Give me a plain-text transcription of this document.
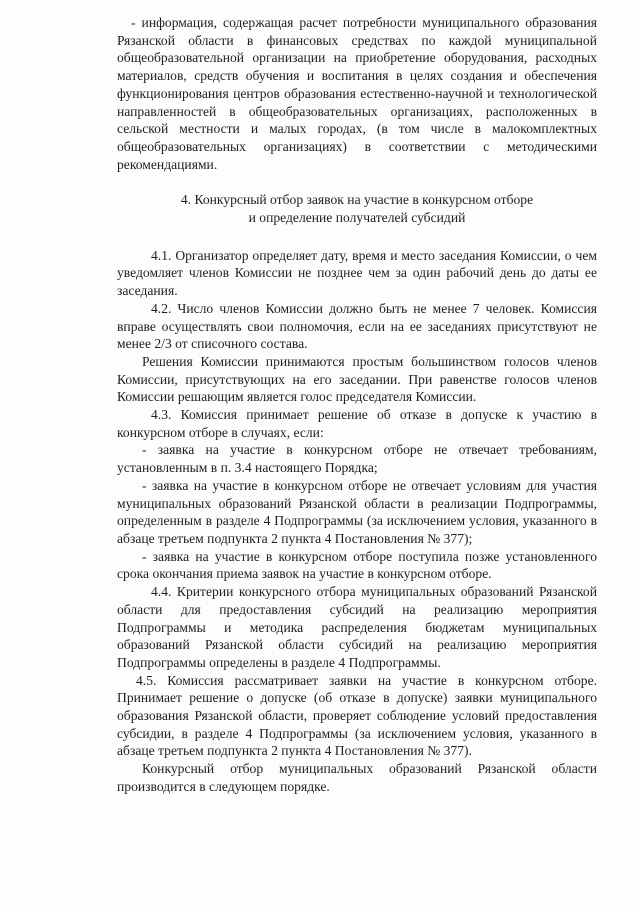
- информация, содержащая расчет потребности муниципального образования Рязанской области в финансовых средствах по каждой муниципальной общеобразовательной организации на приобретение оборудования, расходных материалов, средств обучения и воспитания в целях создания и обеспечения функционирования центров образования естественно-научной и технологической направленностей в общеобразовательных организациях, расположенных в сельской местности и малых городах, (в том числе в малокомплектных общеобразовательных организациях) в соответствии с методическими рекомендациями.

4. Конкурсный отбор заявок на участие в конкурсном отборе
и определение получателей субсидий

4.1. Организатор определяет дату, время и место заседания Комиссии, о чем уведомляет членов Комиссии не позднее чем за один рабочий день до даты ее заседания.

4.2. Число членов Комиссии должно быть не менее 7 человек. Комиссия вправе осуществлять свои полномочия, если на ее заседаниях присутствуют не менее 2/3 от списочного состава.

Решения Комиссии принимаются простым большинством голосов членов Комиссии, присутствующих на его заседании. При равенстве голосов членов Комиссии решающим является голос председателя Комиссии.

4.3. Комиссия принимает решение об отказе в допуске к участию в конкурсном отборе в случаях, если:

- заявка на участие в конкурсном отборе не отвечает требованиям, установленным в п. 3.4 настоящего Порядка;

- заявка на участие в конкурсном отборе не отвечает условиям для участия муниципальных образований Рязанской области в реализации Подпрограммы, определенным в разделе 4 Подпрограммы (за исключением условия, указанного в абзаце третьем подпункта 2 пункта 4 Постановления № 377);

- заявка на участие в конкурсном отборе поступила позже установленного срока окончания приема заявок на участие в конкурсном отборе.

4.4. Критерии конкурсного отбора муниципальных образований Рязанской области для предоставления субсидий на реализацию мероприятия Подпрограммы и методика распределения бюджетам муниципальных образований Рязанской области субсидий на реализацию мероприятия Подпрограммы определены в разделе 4 Подпрограммы.

4.5. Комиссия рассматривает заявки на участие в конкурсном отборе. Принимает решение о допуске (об отказе в допуске) заявки муниципального образования Рязанской области, проверяет соблюдение условий предоставления субсидии, в разделе 4 Подпрограммы (за исключением условия, указанного в абзаце третьем подпункта 2 пункта 4 Постановления № 377).

Конкурсный отбор муниципальных образований Рязанской области производится в следующем порядке.
